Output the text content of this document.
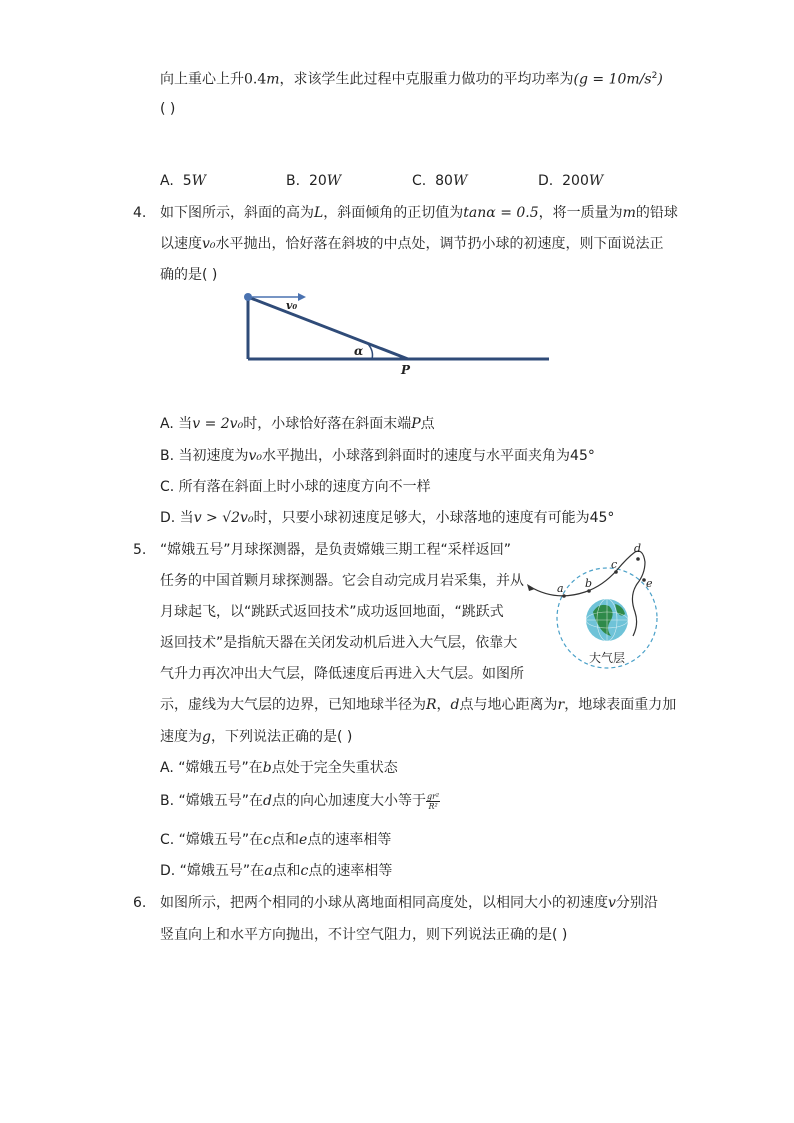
向上重心上升0.4m，求该学生此过程中克服重力做功的平均功率为$(g = 10m/s^2)$
( )
A. 5W	B. 20W	C. 80W	D. 200W
4. 如下图所示，斜面的高为L，斜面倾角的正切值为tanα = 0.5，将一质量为m的铅球
以速度v₀水平抛出，恰好落在斜坡的中点处，调节扔小球的初速度，则下面说法正
确的是( )
v₀
α
P
A. 当v = 2v₀时，小球恰好落在斜面末端P点
B. 当初速度为v₀水平抛出，小球落到斜面时的速度与水平面夹角为45°
C. 所有落在斜面上时小球的速度方向不一样
D. 当v > √2v₀时，只要小球初速度足够大，小球落地的速度有可能为45°
5. “嫦娥五号”月球探测器，是负责嫦娥三期工程“采样返回”
任务的中国首颗月球探测器。它会自动完成月岩采集，并从
月球起飞，以“跳跃式返回技术”成功返回地面，“跳跃式
返回技术”是指航天器在关闭发动机后进入大气层，依靠大
气升力再次冲出大气层，降低速度后再进入大气层。如图所
示，虚线为大气层的边界，已知地球半径为R，d点与地心距离为r，地球表面重力加
速度为g，下列说法正确的是( )
a b
c
d
e
大气层
A. “嫦娥五号”在b点处于完全失重状态
B. “嫦娥五号”在d点的向心加速度大小等于 $\frac{\text{gr²}}{\text{R²}}$
C. “嫦娥五号”在c点和e点的速率相等
D. “嫦娥五号”在a点和c点的速率相等
6. 如图所示，把两个相同的小球从离地面相同高度处，以相同大小的初速度v分别沿
竖直向上和水平方向抛出，不计空气阻力，则下列说法正确的是( )
